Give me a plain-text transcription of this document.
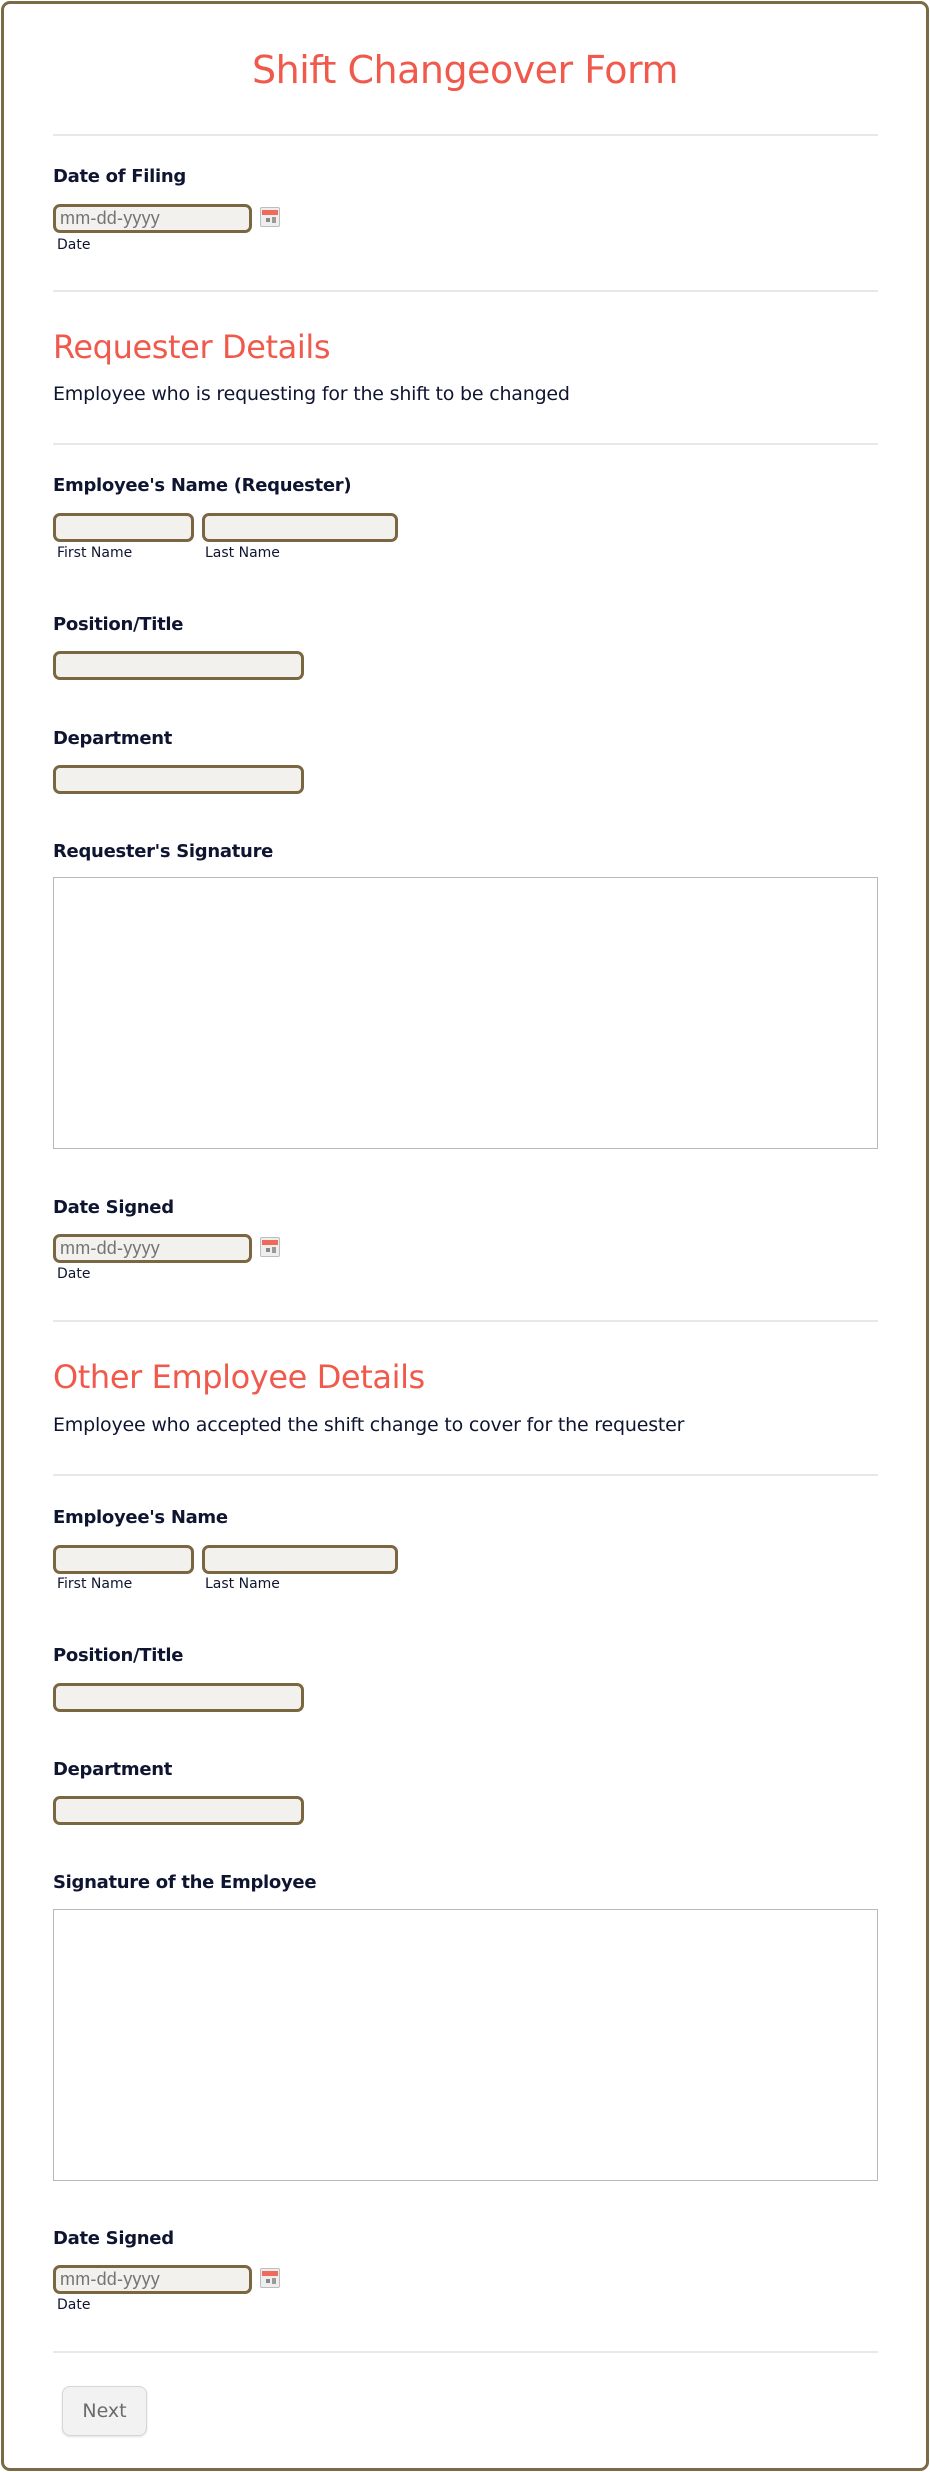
Shift Changeover Form
Date of Filing
mm-dd-yyyy
Date
Requester Details
Employee who is requesting for the shift to be changed
Employee's Name (Requester)
First Name	Last Name
Position/Title
Department
Requester's Signature
Date Signed
mm-dd-yyyy
Date
Other Employee Details
Employee who accepted the shift change to cover for the requester
Employee's Name
First Name	Last Name
Position/Title
Department
Signature of the Employee
Date Signed
mm-dd-yyyy
Date
Next
